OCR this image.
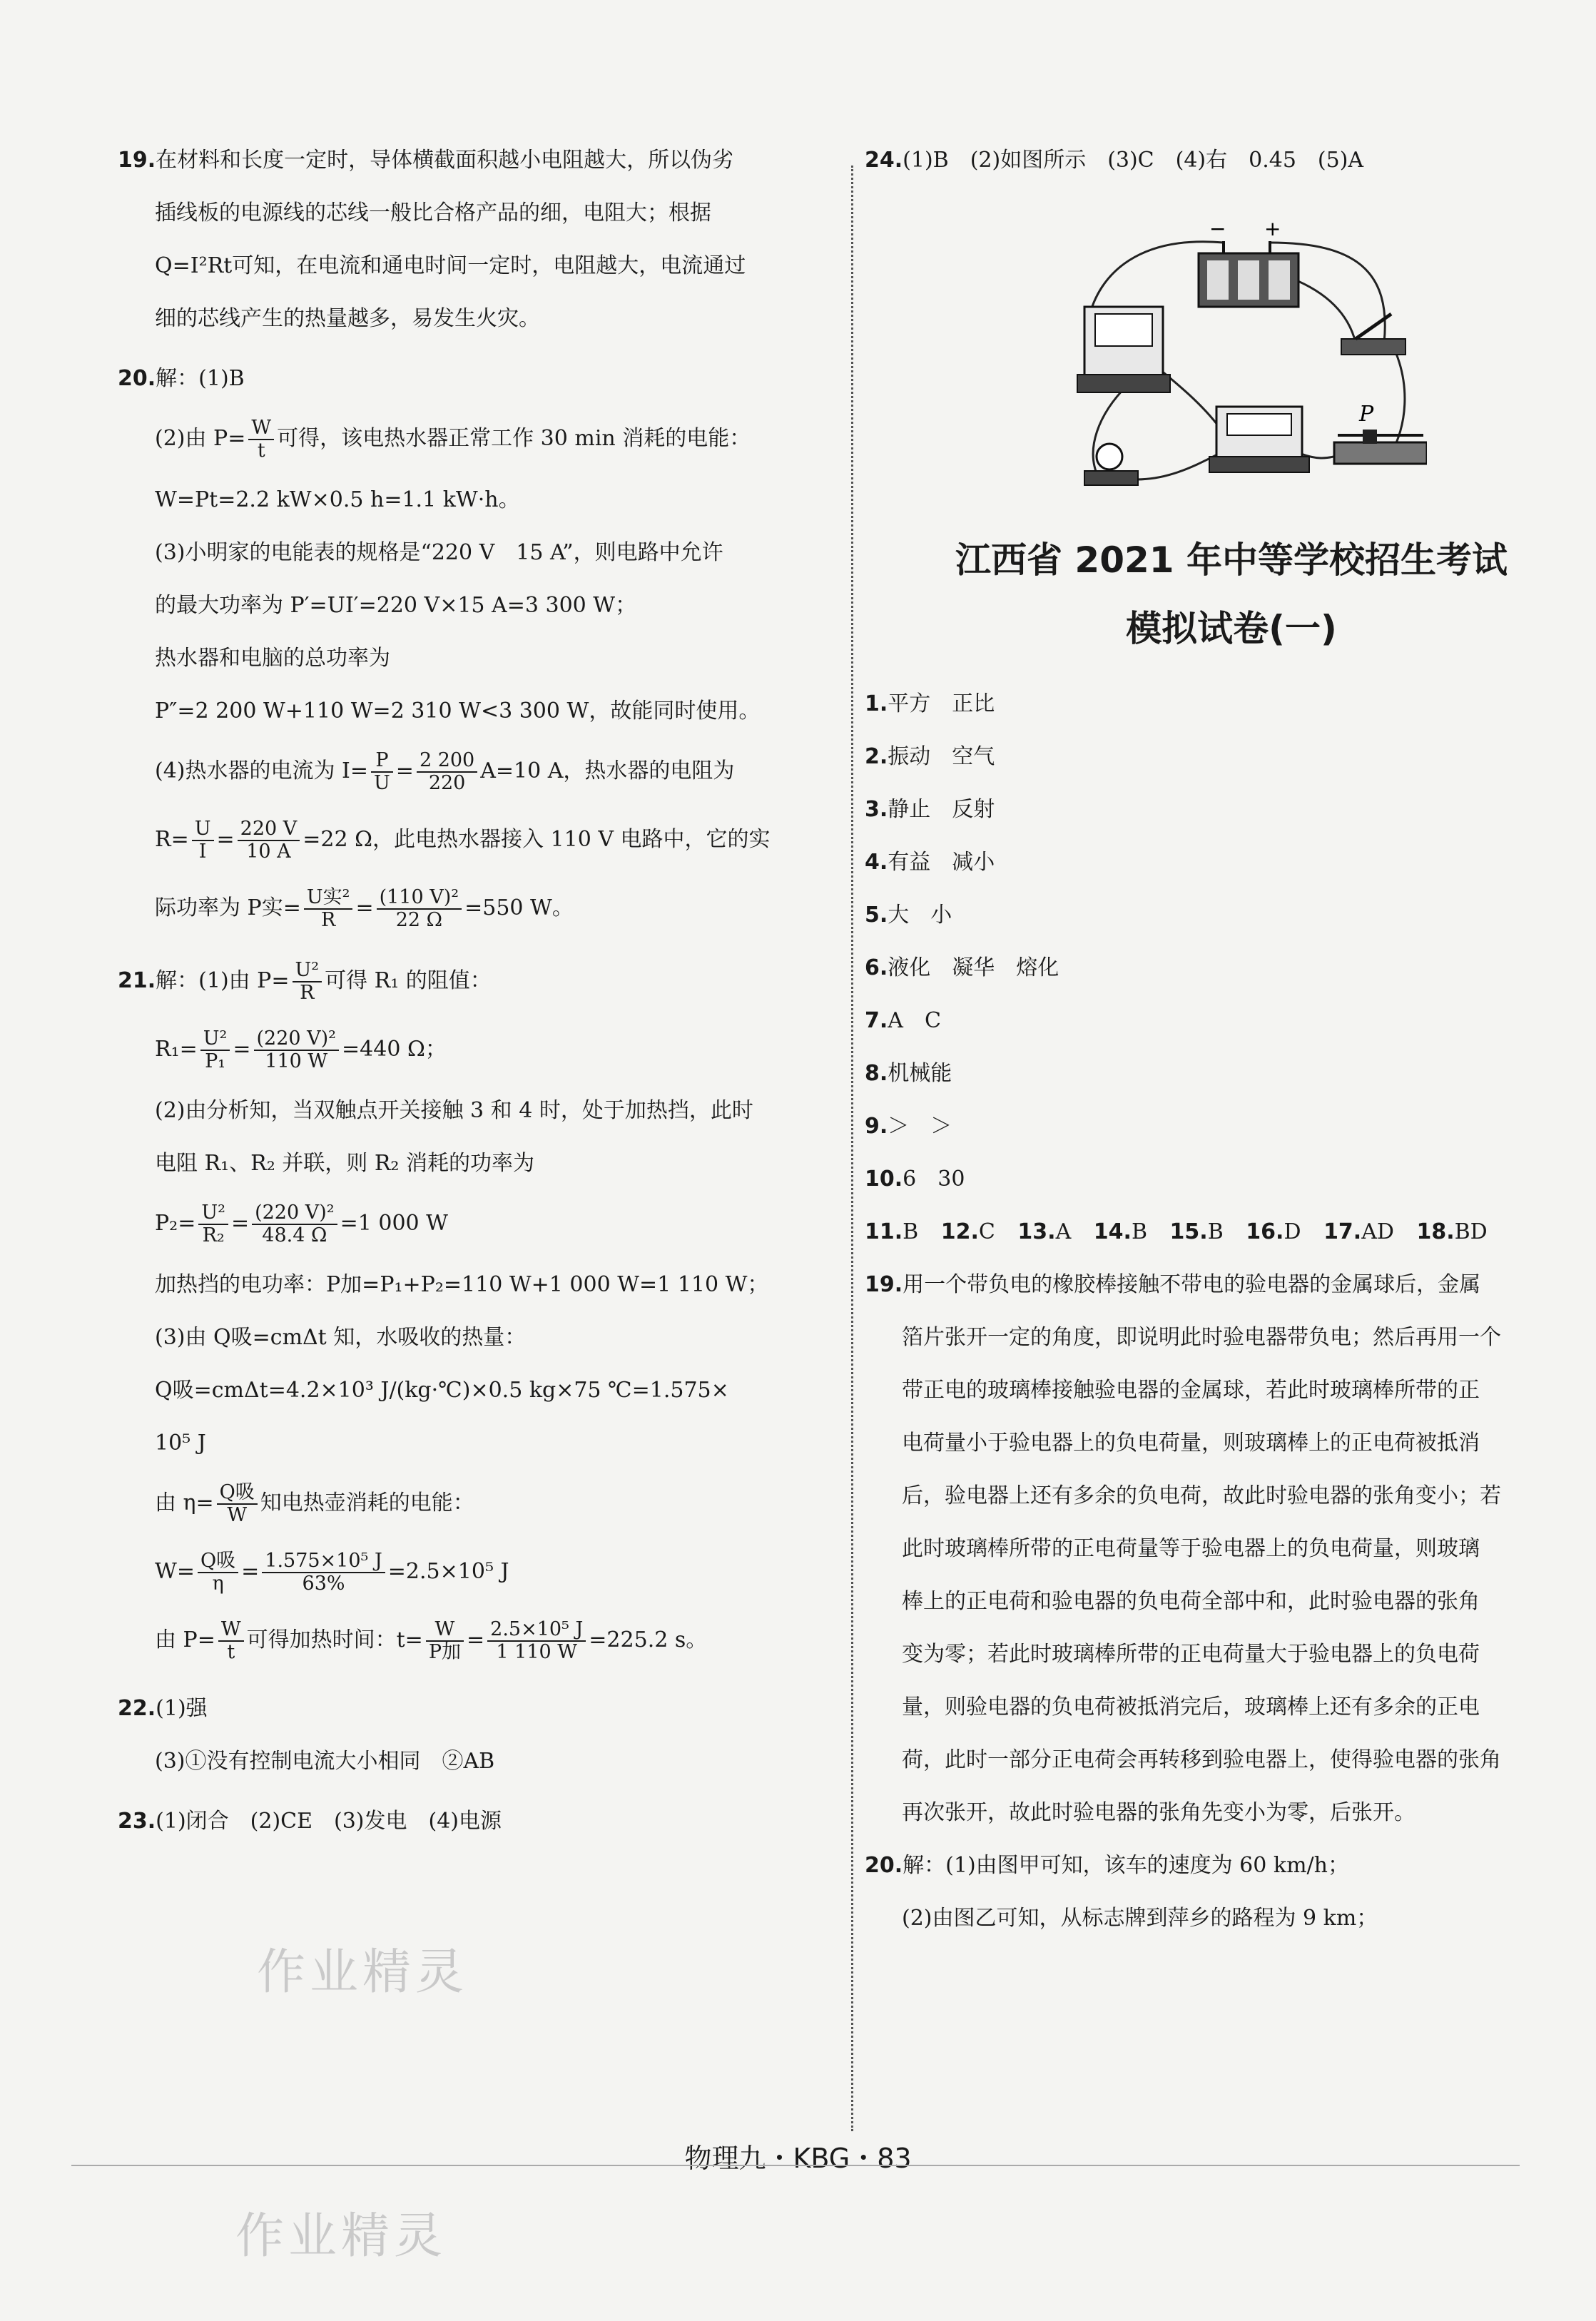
19.在材料和长度一定时，导体横截面积越小电阻越大，所以伪劣

插线板的电源线的芯线一般比合格产品的细，电阻大；根据

Q=I²Rt可知，在电流和通电时间一定时，电阻越大，电流通过

细的芯线产生的热量越多，易发生火灾。

20.解：(1)B

(2)由 $P= \frac{W}{t}$ 可得，该电热水器正常工作 30 min 消耗的电能：

W=Pt=2.2 kW×0.5 h=1.1 kW·h。

(3)小明家的电能表的规格是“220 V　15 A”，则电路中允许

的最大功率为 P′=UI′=220 V×15 A=3 300 W；

热水器和电脑的总功率为

P″=2 200 W+110 W=2 310 W<3 300 W，故能同时使用。

(4)热水器的电流为 $I= \frac{P}{U} = \frac{2 200}{220} A=10$ A，热水器的电阻为

$R= \frac{U}{I} = \frac{220 V}{10 A} =22$ Ω，此电热水器接入 110 V 电路中，它的实

际功率为 P实= $\frac{\text{U实²}}{R} = \frac{\text{(110 V)²}}{22 \Omega} =550$ W。

21.解：(1)由 $P= \frac{\text{U²}}{R}$ 可得 R₁ 的阻值：

$R_1= \frac{\text{U²}}{\text{P₁}} = \frac{\text{(220 V)²}}{110 W} =440$ Ω；

(2)由分析知，当双触点开关接触 3 和 4 时，处于加热挡，此时

电阻 R₁、R₂ 并联，则 R₂ 消耗的功率为

$P_2= \frac{\text{U²}}{\text{R₂}} = \frac{\text{(220 V)²}}{48.4 \Omega} =1$ 000 W

加热挡的电功率：P加=P₁+P₂=110 W+1 000 W=1 110 W；

(3)由 Q吸=cmΔt 知，水吸收的热量：

Q吸=cmΔt=4.2×10³ J/(kg·℃)×0.5 kg×75 ℃=1.575×

10⁵ J

由 $\eta= \frac{\text{Q吸}}{W}$ 知电热壶消耗的电能：

$W= \frac{\text{Q吸}}{\eta} = \frac{\text{1.575×10⁵ J}}{63\%} =2.5\times 10^5$ J

由 $P= \frac{W}{t}$ 可得加热时间：$t= \frac{W}{\text{P加}} = \frac{\text{2.5×10⁵ J}}{1 110 W} =225.2$ s。

22.(1)强

(3)①没有控制电流大小相同　②AB

23.(1)闭合　(2)CE　(3)发电　(4)电源

24.(1)B　(2)如图所示　(3)C　(4)右　0.45　(5)A

江西省 2021 年中等学校招生考试

模拟试卷(一)

1.平方　正比

2.振动　空气

3.静止　反射

4.有益　减小

5.大　小

6.液化　凝华　熔化

7.A　C

8.机械能

9.＞　＞

10.6　30

11.B 12.C 13.A 14.B 15.B 16.D 17.AD 18.BD

19.用一个带负电的橡胶棒接触不带电的验电器的金属球后，金属

箔片张开一定的角度，即说明此时验电器带负电；然后再用一个

带正电的玻璃棒接触验电器的金属球，若此时玻璃棒所带的正

电荷量小于验电器上的负电荷量，则玻璃棒上的正电荷被抵消

后，验电器上还有多余的负电荷，故此时验电器的张角变小；若

此时玻璃棒所带的正电荷量等于验电器上的负电荷量，则玻璃

棒上的正电荷和验电器的负电荷全部中和，此时验电器的张角

变为零；若此时玻璃棒所带的正电荷量大于验电器上的负电荷

量，则验电器的负电荷被抵消完后，玻璃棒上还有多余的正电

荷，此时一部分正电荷会再转移到验电器上，使得验电器的张角

再次张开，故此时验电器的张角先变小为零，后张开。

20.解：(1)由图甲可知，该车的速度为 60 km/h；

(2)由图乙可知，从标志牌到萍乡的路程为 9 km；

− +
P
物理九・KBG・83
作业精灵
作业精灵
